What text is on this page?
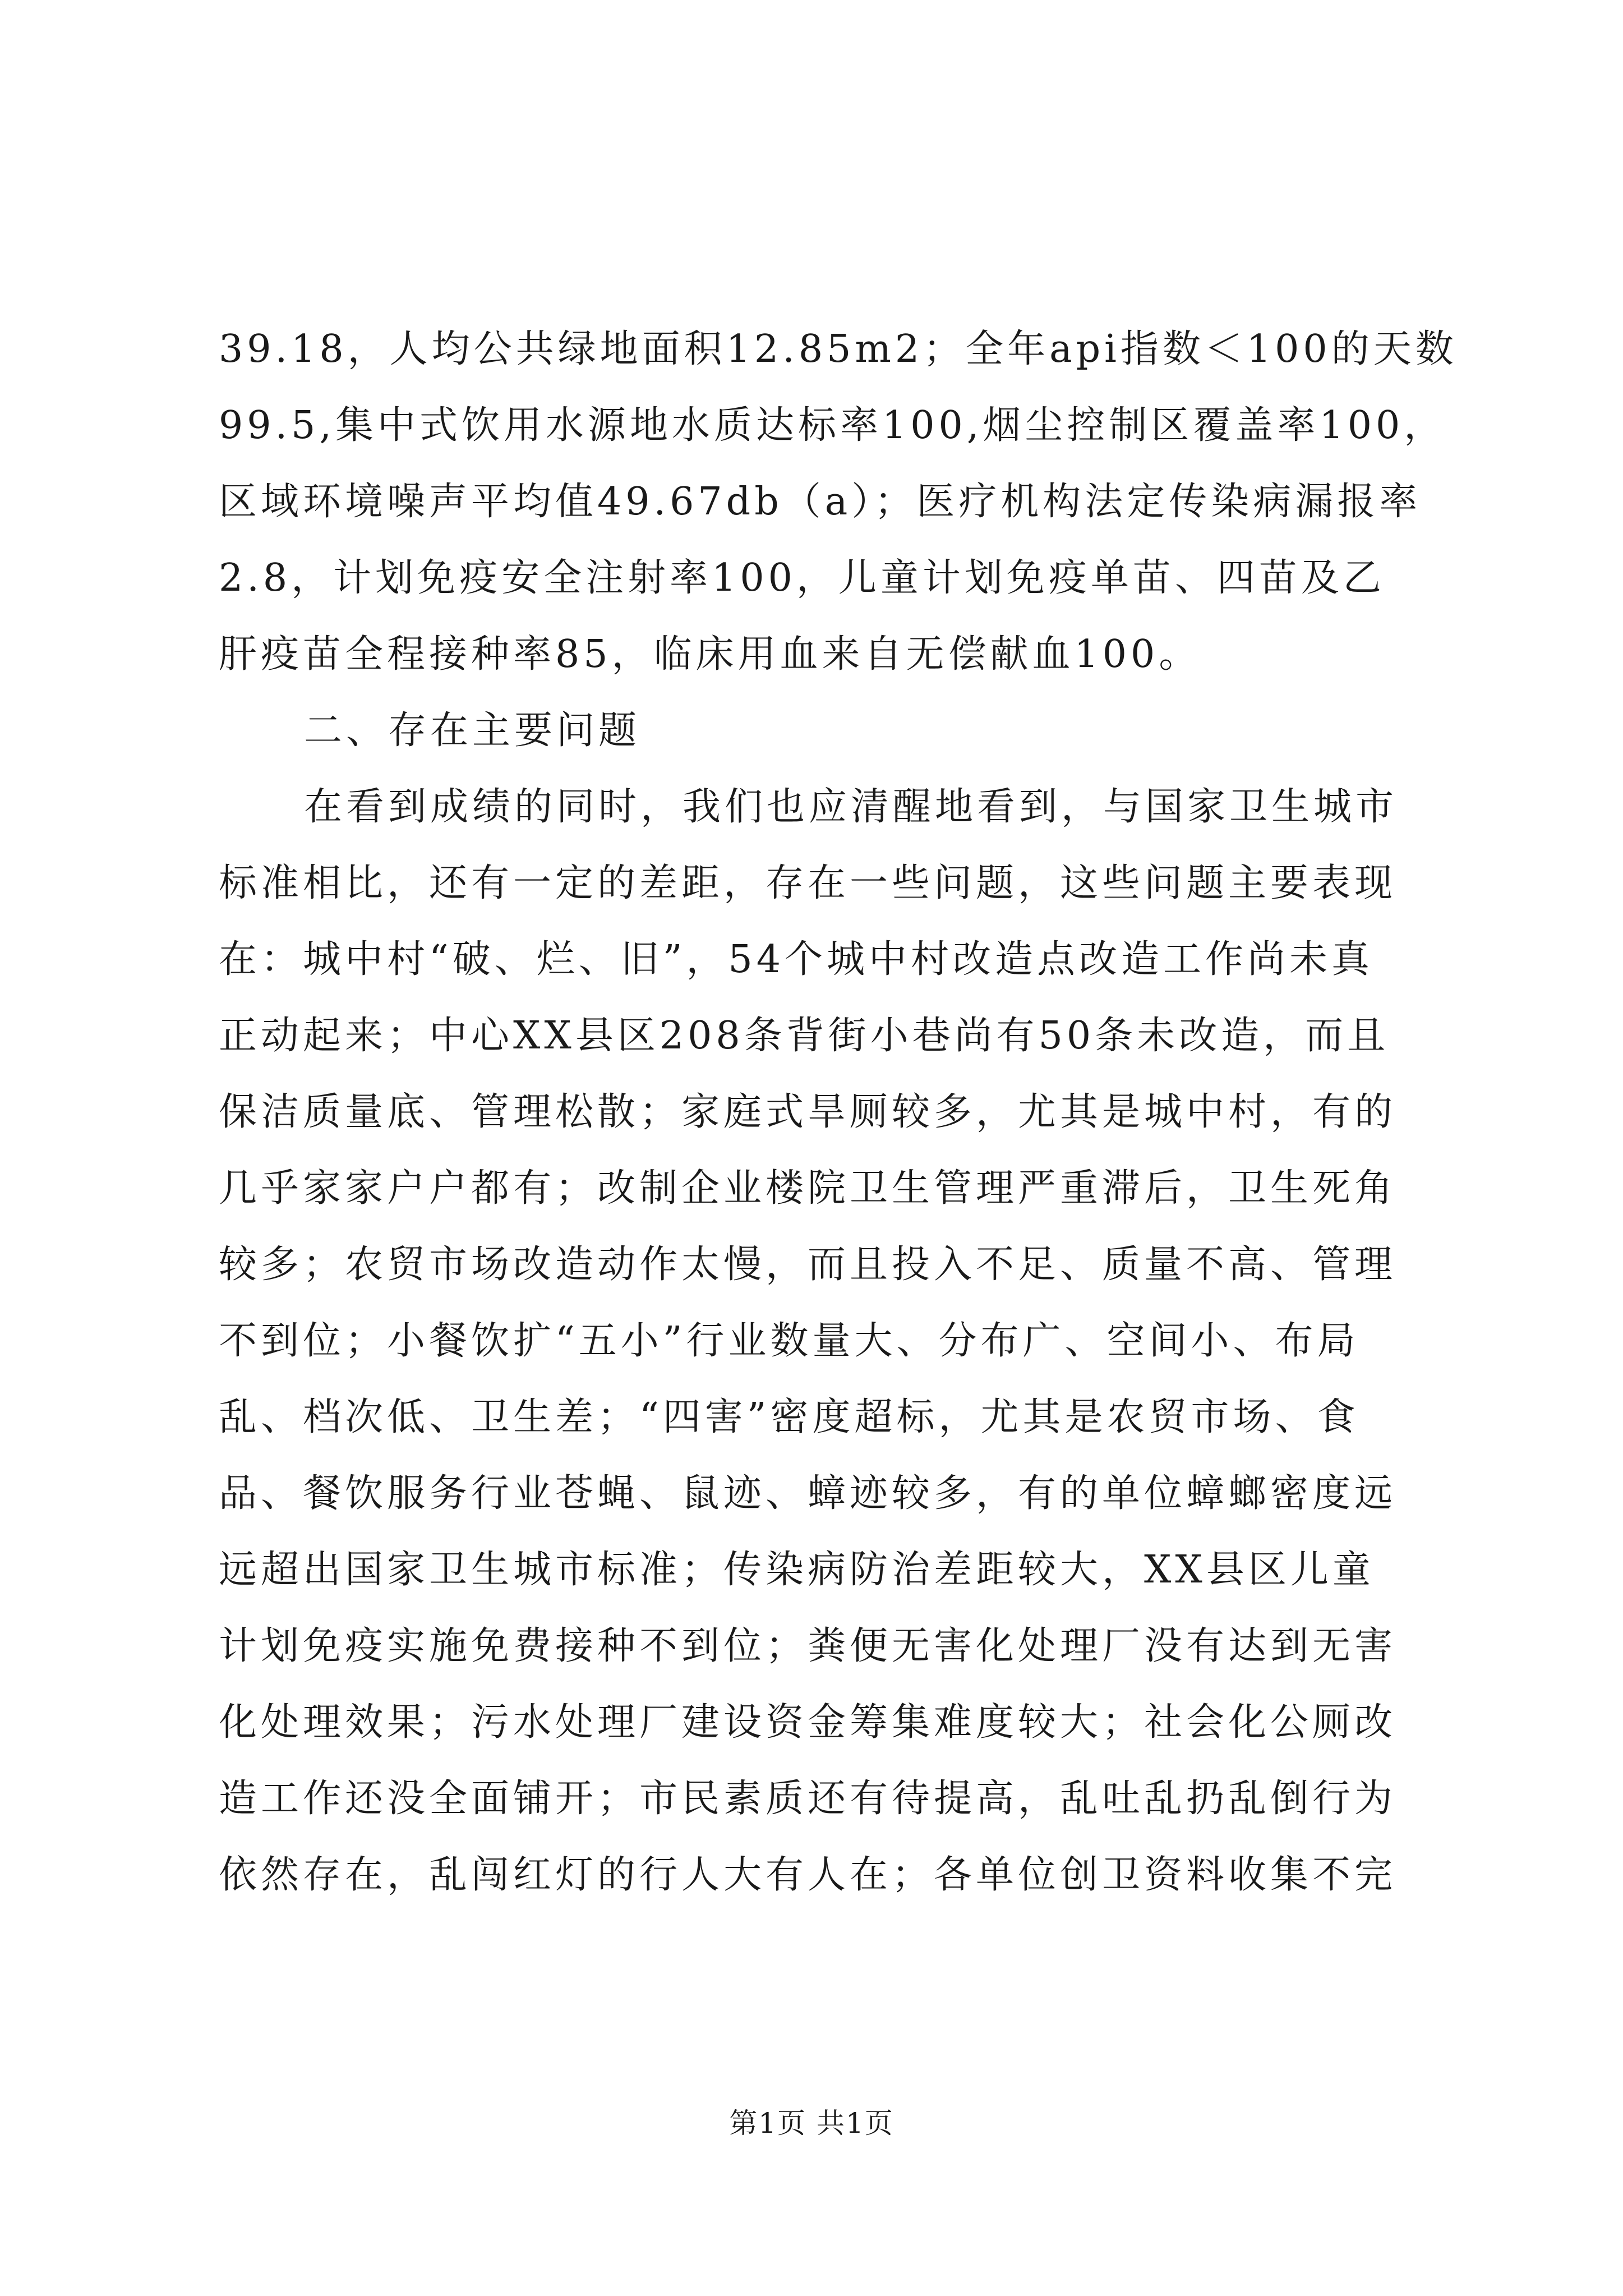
39.18，人均公共绿地面积12.85m2；全年api指数＜100的天数
99.5,集中式饮用水源地水质达标率100,烟尘控制区覆盖率100，
区域环境噪声平均值49.67db（a）；医疗机构法定传染病漏报率
2.8，计划免疫安全注射率100，儿童计划免疫单苗、四苗及乙
肝疫苗全程接种率85，临床用血来自无偿献血100。
二、存在主要问题
在看到成绩的同时，我们也应清醒地看到，与国家卫生城市
标准相比，还有一定的差距，存在一些问题，这些问题主要表现
在：城中村“破、烂、旧”，54个城中村改造点改造工作尚未真
正动起来；中心XX县区208条背街小巷尚有50条未改造，而且
保洁质量底、管理松散；家庭式旱厕较多，尤其是城中村，有的
几乎家家户户都有；改制企业楼院卫生管理严重滞后，卫生死角
较多；农贸市场改造动作太慢，而且投入不足、质量不高、管理
不到位；小餐饮扩“五小”行业数量大、分布广、空间小、布局
乱、档次低、卫生差；“四害”密度超标，尤其是农贸市场、食
品、餐饮服务行业苍蝇、鼠迹、蟑迹较多，有的单位蟑螂密度远
远超出国家卫生城市标准；传染病防治差距较大，XX县区儿童
计划免疫实施免费接种不到位；粪便无害化处理厂没有达到无害
化处理效果；污水处理厂建设资金筹集难度较大；社会化公厕改
造工作还没全面铺开；市民素质还有待提高，乱吐乱扔乱倒行为
依然存在，乱闯红灯的行人大有人在；各单位创卫资料收集不完
第1页 共1页
